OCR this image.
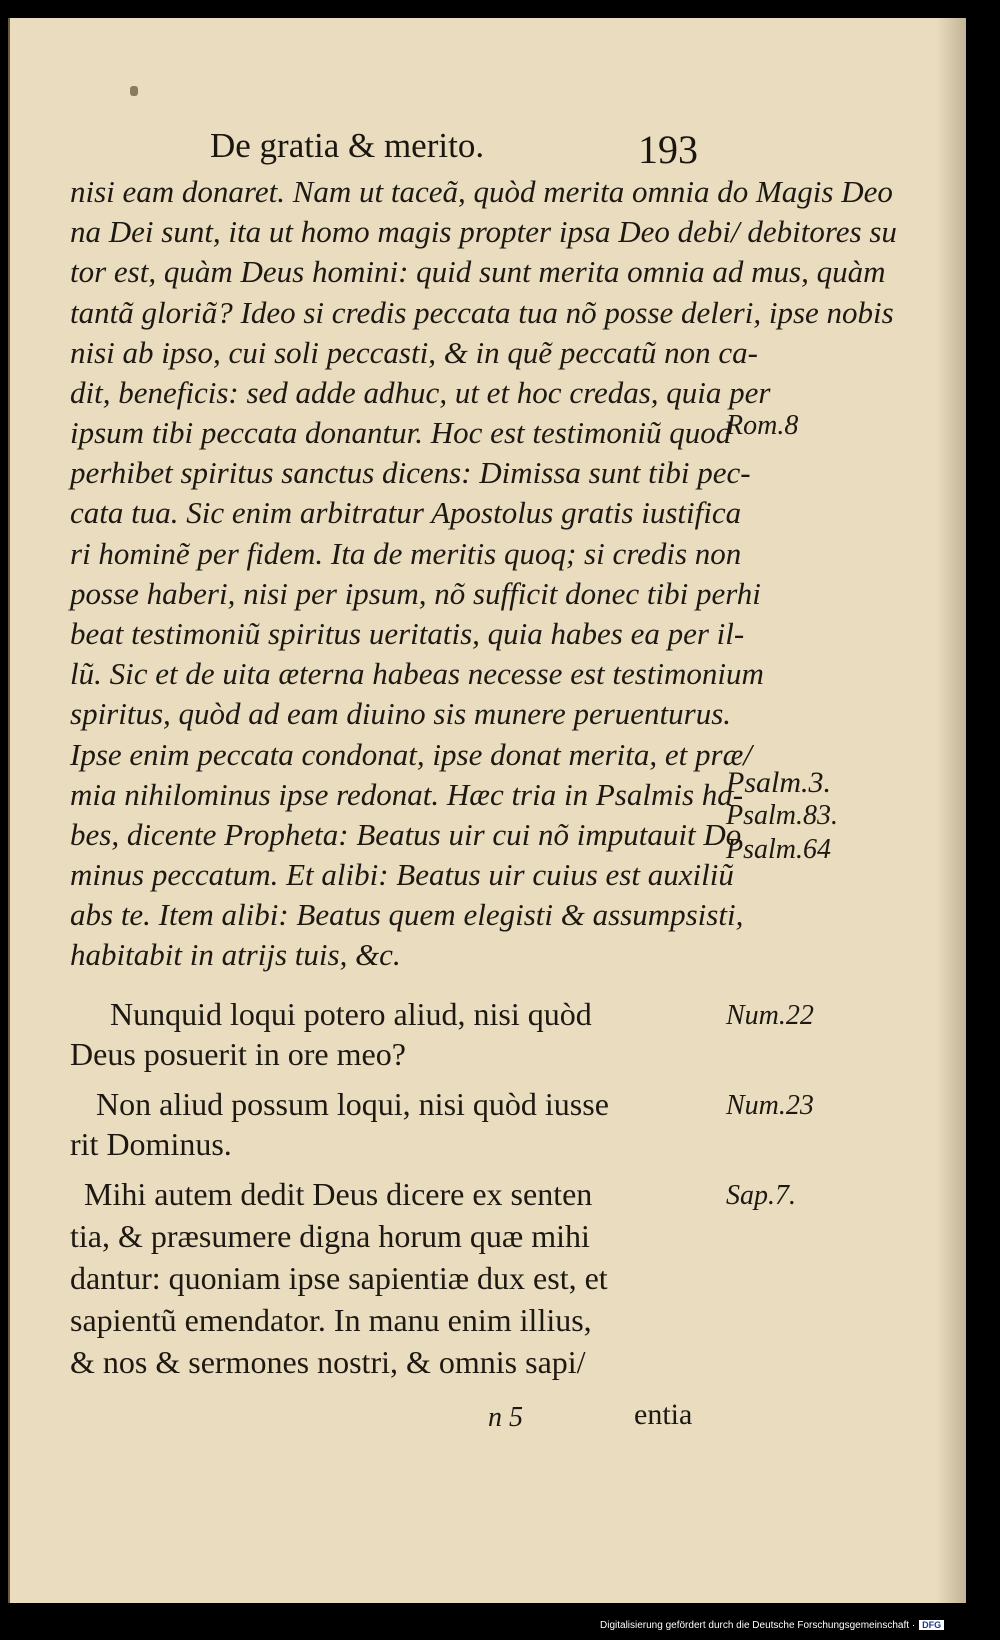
De gratia & merito.	193
nisi eam donaret. Nam ut taceã, quòd merita omnia do Magis Deo
na Dei sunt, ita ut homo magis propter ipsa Deo debi/ debitores su
tor est, quàm Deus homini: quid sunt merita omnia ad mus, quàm
tantã gloriã? Ideo si credis peccata tua nõ posse deleri, ipse nobis
nisi ab ipso, cui soli peccasti, & in quẽ peccatũ non ca-
dit, beneficis: sed adde adhuc, ut et hoc credas, quia per
ipsum tibi peccata donantur. Hoc est testimoniũ quod
perhibet spiritus sanctus dicens: Dimissa sunt tibi pec-
cata tua. Sic enim arbitratur Apostolus gratis iustifica
ri hominẽ per fidem. Ita de meritis quoq; si credis non
posse haberi, nisi per ipsum, nõ sufficit donec tibi perhi
beat testimoniũ spiritus ueritatis, quia habes ea per il-
lũ. Sic et de uita æterna habeas necesse est testimonium
spiritus, quòd ad eam diuino sis munere peruenturus.
Ipse enim peccata condonat, ipse donat merita, et præ/
mia nihilominus ipse redonat. Hæc tria in Psalmis ha-
bes, dicente Propheta: Beatus uir cui nõ imputauit Do
minus peccatum. Et alibi: Beatus uir cuius est auxiliũ
abs te. Item alibi: Beatus quem elegisti & assumpsisti,
habitabit in atrijs tuis, &c.
Nunquid loqui potero aliud, nisi quòd
Deus posuerit in ore meo?
Non aliud possum loqui, nisi quòd iusse
rit Dominus.
Mihi autem dedit Deus dicere ex senten
tia, & præsumere digna horum quæ mihi
dantur: quoniam ipse sapientiæ dux est, et
sapientũ emendator. In manu enim illius,
& nos & sermones nostri, & omnis sapi/
Rom.8
Psalm.3.
Psalm.83.
Psalm.64
Num.22
Num.23
Sap.7.
n 5	entia
Digitalisierung gefördert durch die Deutsche Forschungsgemeinschaft · DFG
